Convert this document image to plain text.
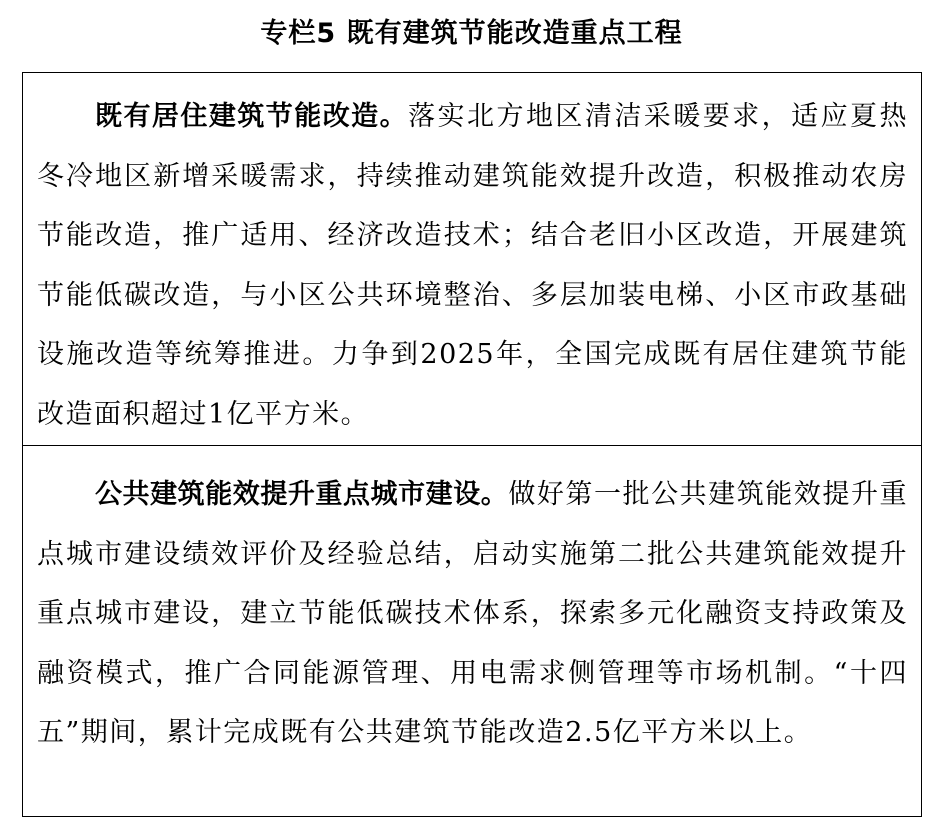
专栏5 既有建筑节能改造重点工程
既有居住建筑节能改造。落实北方地区清洁采暖要求，适应夏热冬冷地区新增采暖需求，持续推动建筑能效提升改造，积极推动农房节能改造，推广适用、经济改造技术；结合老旧小区改造，开展建筑节能低碳改造，与小区公共环境整治、多层加装电梯、小区市政基础设施改造等统筹推进。力争到2025年，全国完成既有居住建筑节能改造面积超过1亿平方米。
公共建筑能效提升重点城市建设。做好第一批公共建筑能效提升重点城市建设绩效评价及经验总结，启动实施第二批公共建筑能效提升重点城市建设，建立节能低碳技术体系，探索多元化融资支持政策及融资模式，推广合同能源管理、用电需求侧管理等市场机制。“十四五”期间，累计完成既有公共建筑节能改造2.5亿平方米以上。
